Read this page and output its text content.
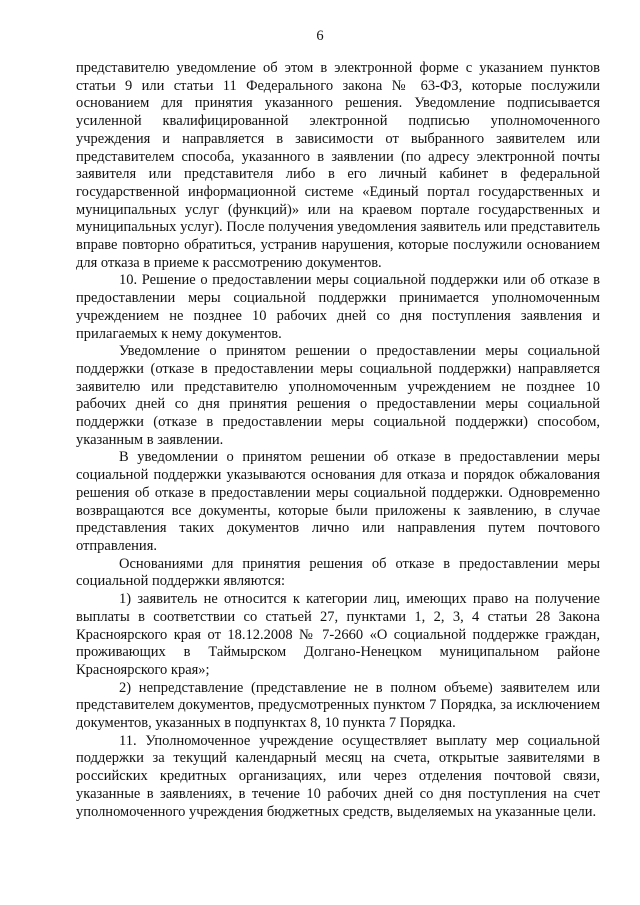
6

представителю уведомление об этом в электронной форме с указанием пунктов статьи 9 или статьи 11 Федерального закона № 63-ФЗ, которые послужили основанием для принятия указанного решения. Уведомление подписывается усиленной квалифицированной электронной подписью уполномоченного учреждения и направляется в зависимости от выбранного заявителем или представителем способа, указанного в заявлении (по адресу электронной почты заявителя или представителя либо в его личный кабинет в федеральной государственной информационной системе «Единый портал государственных и муниципальных услуг (функций)» или на краевом портале государственных и муниципальных услуг). После получения уведомления заявитель или представитель вправе повторно обратиться, устранив нарушения, которые послужили основанием для отказа в приеме к рассмотрению документов.

10. Решение о предоставлении меры социальной поддержки или об отказе в предоставлении меры социальной поддержки принимается уполномоченным учреждением не позднее 10 рабочих дней со дня поступления заявления и прилагаемых к нему документов.

Уведомление о принятом решении о предоставлении меры социальной поддержки (отказе в предоставлении меры социальной поддержки) направляется заявителю или представителю уполномоченным учреждением не позднее 10 рабочих дней со дня принятия решения о предоставлении меры социальной поддержки (отказе в предоставлении меры социальной поддержки) способом, указанным в заявлении.

В уведомлении о принятом решении об отказе в предоставлении меры социальной поддержки указываются основания для отказа и порядок обжалования решения об отказе в предоставлении меры социальной поддержки. Одновременно возвращаются все документы, которые были приложены к заявлению, в случае представления таких документов лично или направления путем почтового отправления.

Основаниями для принятия решения об отказе в предоставлении меры социальной поддержки являются:

1) заявитель не относится к категории лиц, имеющих право на получение выплаты в соответствии со статьей 27, пунктами 1, 2, 3, 4 статьи 28 Закона Красноярского края от 18.12.2008 № 7-2660 «О социальной поддержке граждан, проживающих в Таймырском Долгано-Ненецком муниципальном районе Красноярского края»;

2) непредставление (представление не в полном объеме) заявителем или представителем документов, предусмотренных пунктом 7 Порядка, за исключением документов, указанных в подпунктах 8, 10 пункта 7 Порядка.

11. Уполномоченное учреждение осуществляет выплату мер социальной поддержки за текущий календарный месяц на счета, открытые заявителями в российских кредитных организациях, или через отделения почтовой связи, указанные в заявлениях, в течение 10 рабочих дней со дня поступления на счет уполномоченного учреждения бюджетных средств, выделяемых на указанные цели.
